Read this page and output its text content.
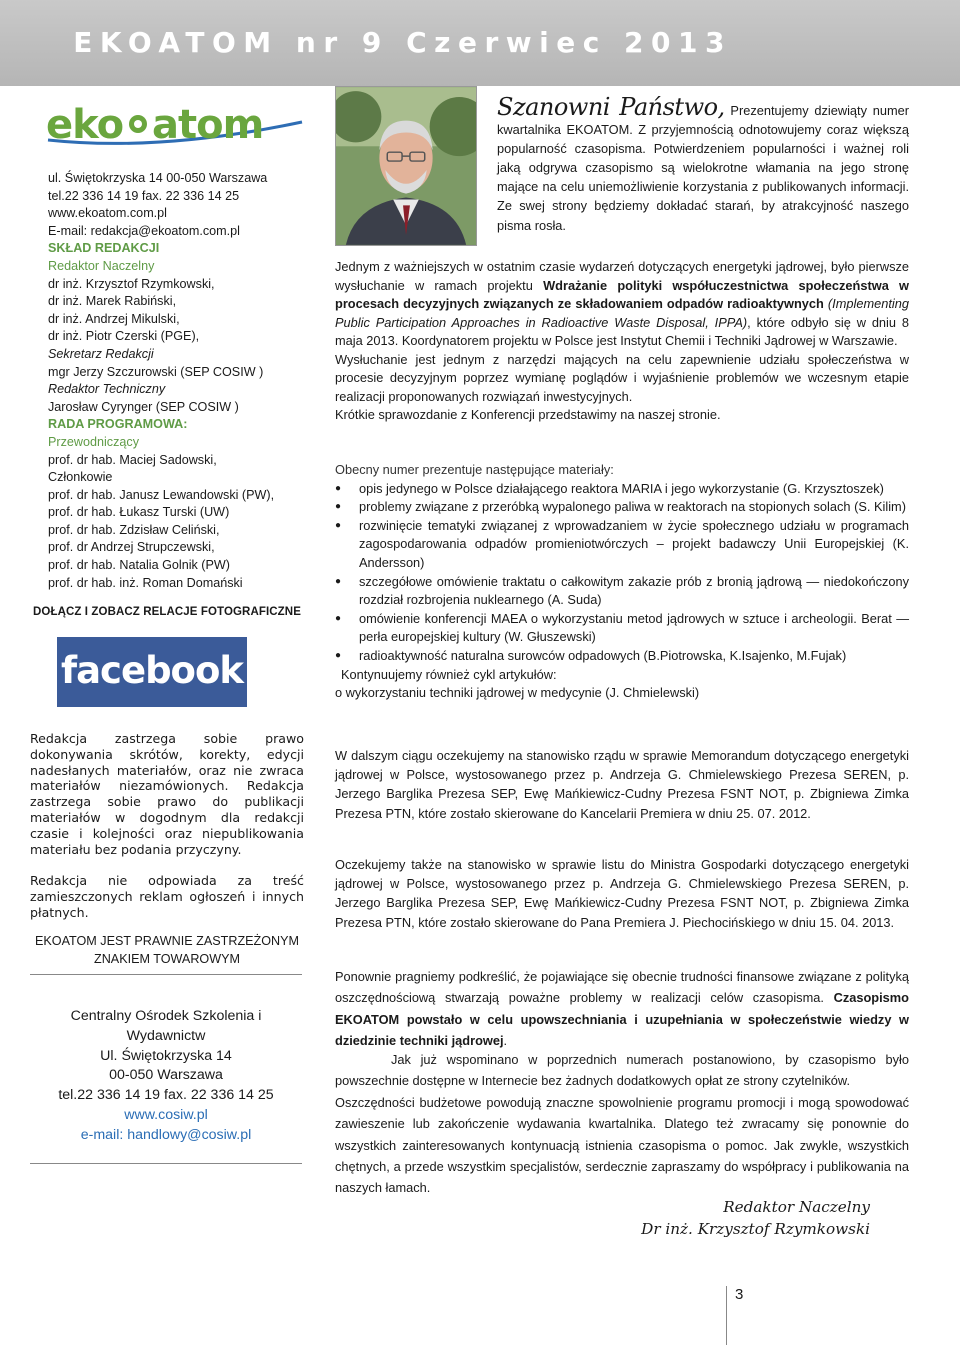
EKOATOM nr 9 Czerwiec 2013
eko atom
ul. Świętokrzyska 14 00-050 Warszawa
tel.22 336 14 19 fax. 22 336 14 25
www.ekoatom.com.pl
E-mail: redakcja@ekoatom.com.pl
SKŁAD REDAKCJI
Redaktor Naczelny
dr inż. Krzysztof Rzymkowski,
dr inż. Marek Rabiński,
dr inż. Andrzej Mikulski,
dr inż. Piotr Czerski (PGE),
Sekretarz Redakcji
mgr Jerzy Szczurowski (SEP COSIW )
Redaktor Techniczny
Jarosław Cyrynger (SEP COSIW )
RADA PROGRAMOWA:
Przewodniczący
prof. dr hab. Maciej Sadowski,
Członkowie
prof. dr hab. Janusz Lewandowski (PW),
prof. dr hab. Łukasz Turski (UW)
prof. dr hab. Zdzisław Celiński,
prof. dr Andrzej Strupczewski,
prof. dr hab. Natalia Golnik (PW)
prof. dr hab. inż. Roman Domański
DOŁĄCZ I ZOBACZ RELACJE FOTOGRAFICZNE
facebook
Redakcja zastrzega sobie prawo dokonywania skrótów, korekty, edycji nadesłanych materiałów, oraz nie zwraca materiałów niezamówionych. Redakcja zastrzega sobie prawo do publikacji materiałów w dogodnym dla redakcji czasie i kolejności oraz niepublikowania materiału bez podania przyczyny.
Redakcja nie odpowiada za treść zamieszczonych reklam ogłoszeń i innych płatnych.
EKOATOM JEST PRAWNIE ZASTRZEŻONYM ZNAKIEM TOWAROWYM
Centralny Ośrodek Szkolenia i
Wydawnictw
Ul. Świętokrzyska 14
00-050 Warszawa
tel.22 336 14 19 fax. 22 336 14 25
www.cosiw.pl
e-mail: handlowy@cosiw.pl
Szanowni Państwo, Prezentujemy dziewiąty numer kwartalnika EKOATOM. Z przyjemnością odnotowujemy coraz większą popularność czasopisma. Potwierdzeniem popularności i ważnej roli jaką odgrywa czasopismo są wielokrotne włamania na jego stronę mające na celu uniemożliwienie korzystania z publikowanych informacji. Ze swej strony będziemy dokładać starań, by atrakcyjność naszego pisma rosła.
Jednym z ważniejszych w ostatnim czasie wydarzeń dotyczących energetyki jądrowej, było pierwsze wysłuchanie w ramach projektu Wdrażanie polityki współuczestnictwa społeczeństwa w procesach decyzyjnych związanych ze składowaniem odpadów radioaktywnych (Implementing Public Participation Approaches in Radioactive Waste Disposal, IPPA), które odbyło się w dniu 8 maja 2013. Koordynatorem projektu w Polsce jest Instytut Chemii i Techniki Jądrowej w Warszawie.
Wysłuchanie jest jednym z narzędzi mających na celu zapewnienie udziału społeczeństwa w procesie decyzyjnym poprzez wymianę poglądów i wyjaśnienie problemów we wczesnym etapie realizacji proponowanych rozwiązań inwestycyjnych.
Krótkie sprawozdanie z Konferencji przedstawimy na naszej stronie.
Obecny numer prezentuje następujące materiały:
● opis jedynego w Polsce działającego reaktora MARIA i jego wykorzystanie (G. Krzysztoszek)
● problemy związane z przeróbką wypalonego paliwa w reaktorach na stopionych solach (S. Kilim)
● rozwinięcie tematyki związanej z wprowadzaniem w życie społecznego udziału w programach zagospodarowania odpadów promieniotwórczych – projekt badawczy Unii Europejskiej (K. Andersson)
● szczegółowe omówienie traktatu o całkowitym zakazie prób z bronią jądrową — niedokończony rozdział rozbrojenia nuklearnego (A. Suda)
● omówienie konferencji MAEA o wykorzystaniu metod jądrowych w sztuce i archeologii. Berat — perła europejskiej kultury (W. Głuszewski)
● radioaktywność naturalna surowców odpadowych (B.Piotrowska, K.Isajenko, M.Fujak)
Kontynuujemy również cykl artykułów:
o wykorzystaniu techniki jądrowej w medycynie (J. Chmielewski)
W dalszym ciągu oczekujemy na stanowisko rządu w sprawie Memorandum dotyczącego energetyki jądrowej w Polsce, wystosowanego przez p. Andrzeja G. Chmielewskiego Prezesa SEREN, p. Jerzego Barglika Prezesa SEP, Ewę Mańkiewicz-Cudny Prezesa FSNT NOT, p. Zbigniewa Zimka Prezesa PTN, które zostało skierowane do Kancelarii Premiera w dniu 25. 07. 2012.
Oczekujemy także na stanowisko w sprawie listu do Ministra Gospodarki dotyczącego energetyki jądrowej w Polsce, wystosowanego przez p. Andrzeja G. Chmielewskiego Prezesa SEREN, p. Jerzego Barglika Prezesa SEP, Ewę Mańkiewicz-Cudny Prezesa FSNT NOT, p. Zbigniewa Zimka Prezesa PTN, które zostało skierowane do Pana Premiera J. Piechocińskiego w dniu 15. 04. 2013.
Ponownie pragniemy podkreślić, że pojawiające się obecnie trudności finansowe związane z polityką oszczędnościową stwarzają poważne problemy w realizacji celów czasopisma. Czasopismo EKOATOM powstało w celu upowszechniania i uzupełniania w społeczeństwie wiedzy w dziedzinie techniki jądrowej.
Jak już wspominano w poprzednich numerach postanowiono, by czasopismo było powszechnie dostępne w Internecie bez żadnych dodatkowych opłat ze strony czytelników.
Oszczędności budżetowe powodują znaczne spowolnienie programu promocji i mogą spowodować zawieszenie lub zakończenie wydawania kwartalnika. Dlatego też zwracamy się ponownie do wszystkich zainteresowanych kontynuacją istnienia czasopisma o pomoc. Jak zwykle, wszystkich chętnych, a przede wszystkim specjalistów, serdecznie zapraszamy do współpracy i publikowania na naszych łamach.
Redaktor Naczelny
Dr inż. Krzysztof Rzymkowski
3
